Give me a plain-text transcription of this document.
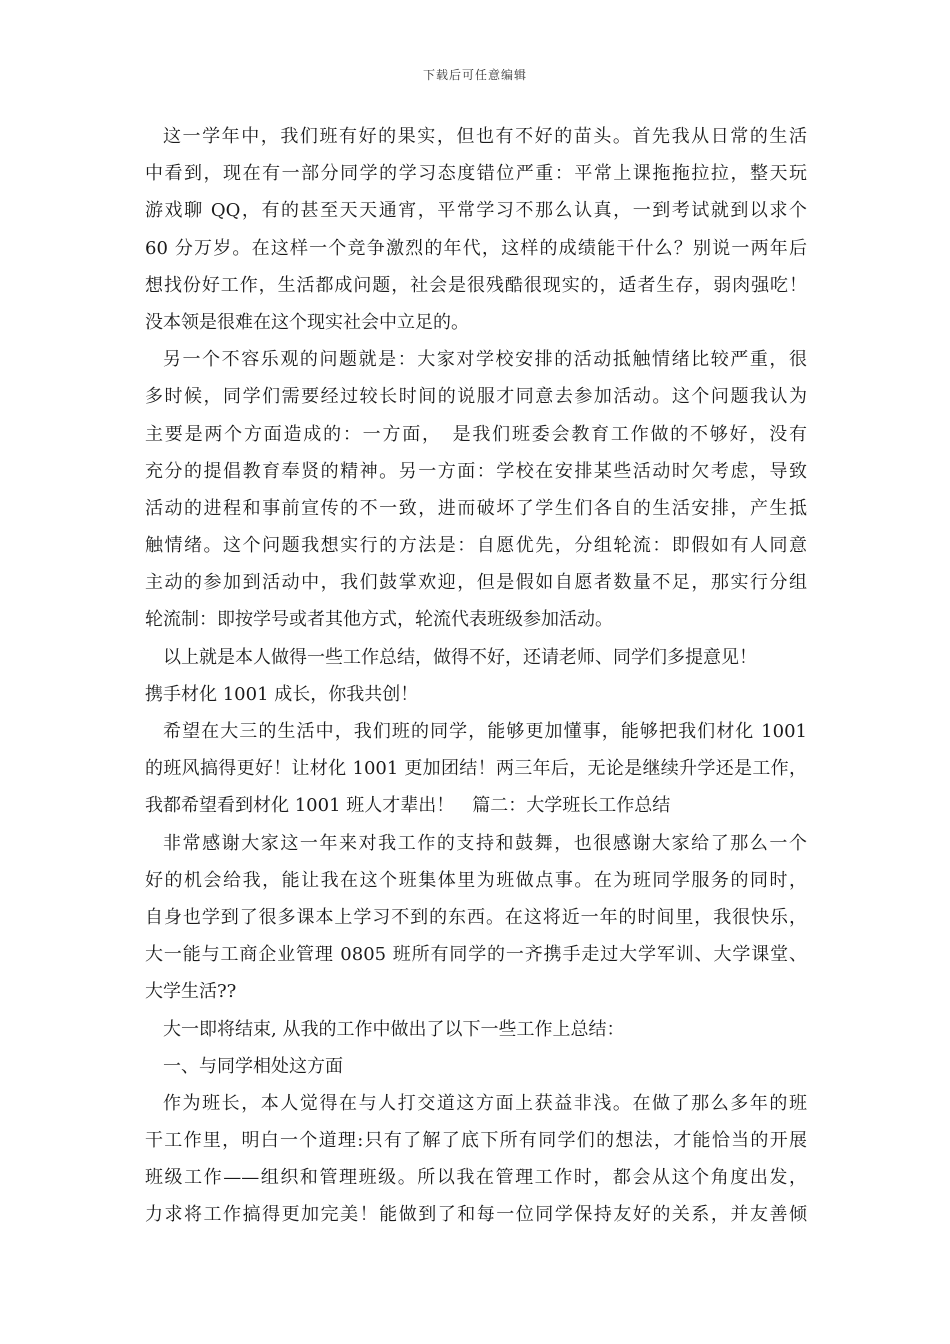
下载后可任意编辑
这一学年中，我们班有好的果实，但也有不好的苗头。首先我从日常的生活
中看到，现在有一部分同学的学习态度错位严重：平常上课拖拖拉拉，整天玩
游戏聊 QQ，有的甚至天天通宵，平常学习不那么认真，一到考试就到以求个
60 分万岁。在这样一个竞争激烈的年代，这样的成绩能干什么？别说一两年后
想找份好工作，生活都成问题，社会是很残酷很现实的，适者生存，弱肉强吃！
没本领是很难在这个现实社会中立足的。
另一个不容乐观的问题就是：大家对学校安排的活动抵触情绪比较严重，很
多时候，同学们需要经过较长时间的说服才同意去参加活动。这个问题我认为
主要是两个方面造成的：一方面，　是我们班委会教育工作做的不够好，没有
充分的提倡教育奉贤的精神。另一方面：学校在安排某些活动时欠考虑，导致
活动的进程和事前宣传的不一致，进而破坏了学生们各自的生活安排，产生抵
触情绪。这个问题我想实行的方法是：自愿优先，分组轮流：即假如有人同意
主动的参加到活动中，我们鼓掌欢迎，但是假如自愿者数量不足，那实行分组
轮流制：即按学号或者其他方式，轮流代表班级参加活动。
以上就是本人做得一些工作总结，做得不好，还请老师、同学们多提意见！
携手材化 1001 成长，你我共创！
希望在大三的生活中，我们班的同学，能够更加懂事，能够把我们材化 1001
的班风搞得更好！让材化 1001 更加团结！两三年后，无论是继续升学还是工作，
我都希望看到材化 1001 班人才辈出！　篇二：大学班长工作总结
非常感谢大家这一年来对我工作的支持和鼓舞，也很感谢大家给了那么一个
好的机会给我，能让我在这个班集体里为班做点事。在为班同学服务的同时，
自身也学到了很多课本上学习不到的东西。在这将近一年的时间里，我很快乐，
大一能与工商企业管理 0805 班所有同学的一齐携手走过大学军训、大学课堂、
大学生活??
大一即将结束, 从我的工作中做出了以下一些工作上总结：
一、与同学相处这方面
作为班长，本人觉得在与人打交道这方面上获益非浅。在做了那么多年的班
干工作里，明白一个道理:只有了解了底下所有同学们的想法，才能恰当的开展
班级工作——组织和管理班级。所以我在管理工作时，都会从这个角度出发，
力求将工作搞得更加完美！能做到了和每一位同学保持友好的关系，并友善倾
